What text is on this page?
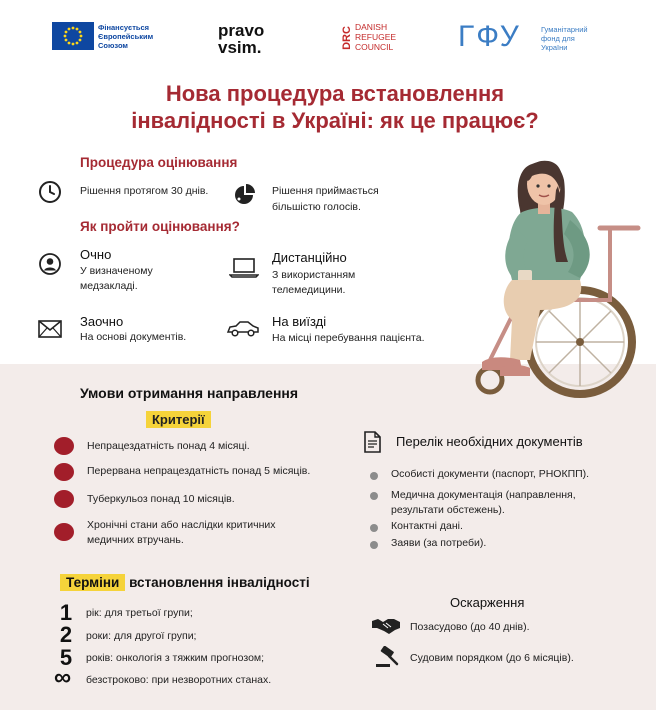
Фінансується Європейським Союзом
pravo
vsim.	DRC DANISH
REFUGEE
COUNCIL ГФУ	Гуманітарний фонд для України
Нова процедура встановлення
інвалідності в Україні: як це працює?
Процедура оцінювання
Рішення протягом 30 днів.	Рішення приймається
більшістю голосів.
Як пройти оцінювання?
Очно
У визначеному
медзакладі.
Дистанційно
З використанням
телемедицини.
Заочно
На основі документів.
На виїзді
На місці перебування пацієнта.
Умови отримання направлення
Критерії
Непрацездатність понад 4 місяці.
Перервана непрацездатність понад 5 місяців.
Туберкульоз понад 10 місяців.
Хронічні стани або наслідки критичних
медичних втручань.
Перелік необхідних документів
Особисті документи (паспорт, РНОКПП).
Медична документація (направлення,
результати обстежень).
Контактні дані.
Заяви (за потреби).
Терміни встановлення інвалідності
1	рік: для третьої групи;
2	роки: для другої групи;
5	років: онкологія з тяжким прогнозом;
∞ безстроково: при незворотних станах.
Оскарження
Позасудово (до 40 днів).
Судовим порядком (до 6 місяців).
